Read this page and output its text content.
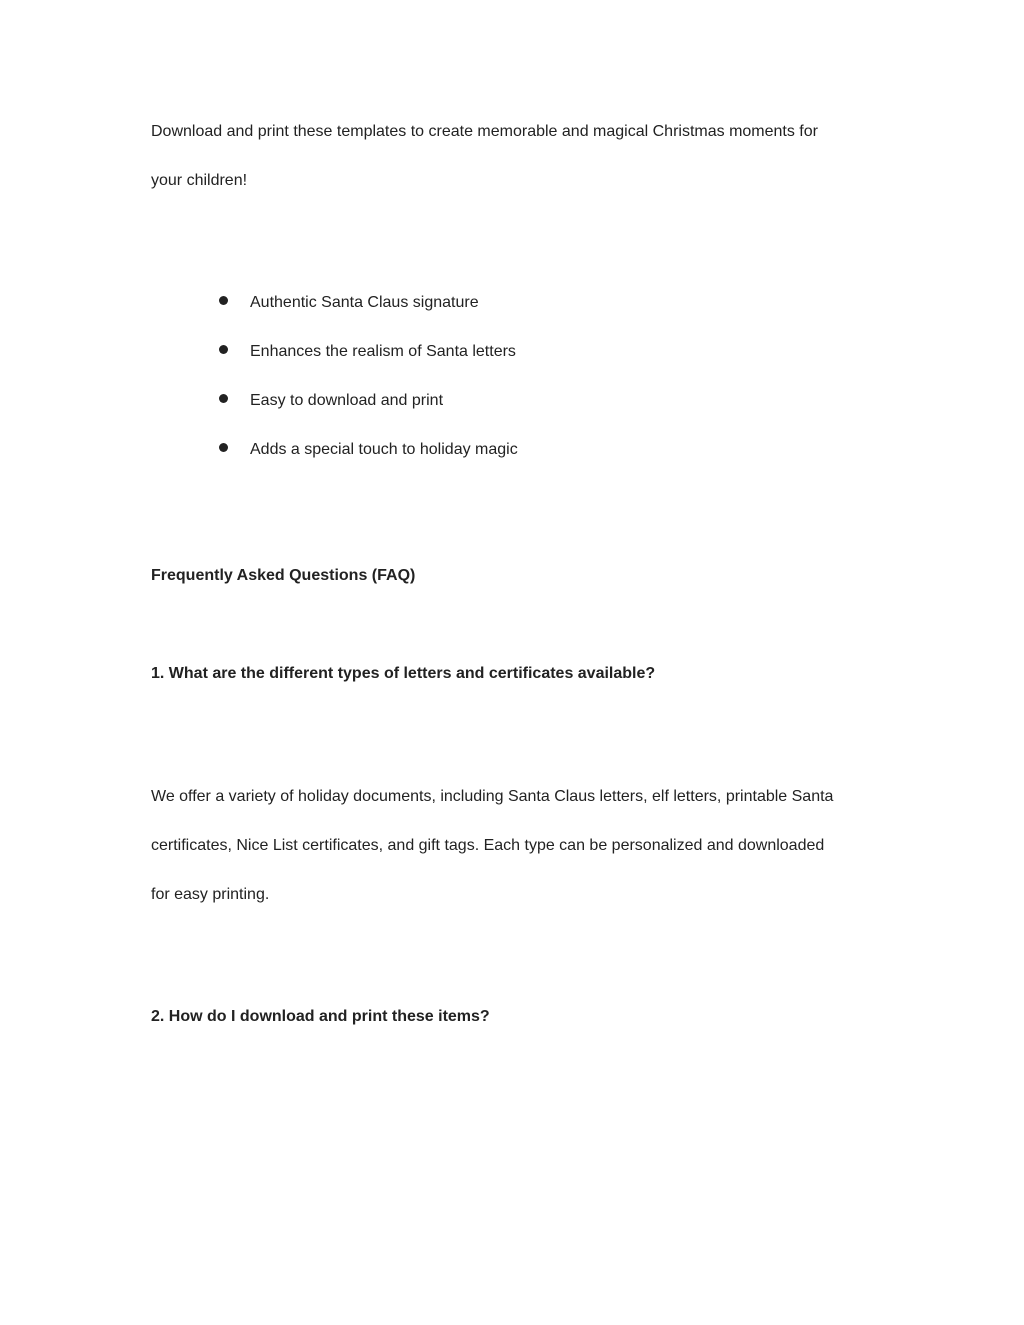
Download and print these templates to create memorable and magical Christmas moments for

your children!

Authentic Santa Claus signature

Enhances the realism of Santa letters

Easy to download and print

Adds a special touch to holiday magic

Frequently Asked Questions (FAQ)

1. What are the different types of letters and certificates available?

We offer a variety of holiday documents, including Santa Claus letters, elf letters, printable Santa

certificates, Nice List certificates, and gift tags. Each type can be personalized and downloaded

for easy printing.

2. How do I download and print these items?
